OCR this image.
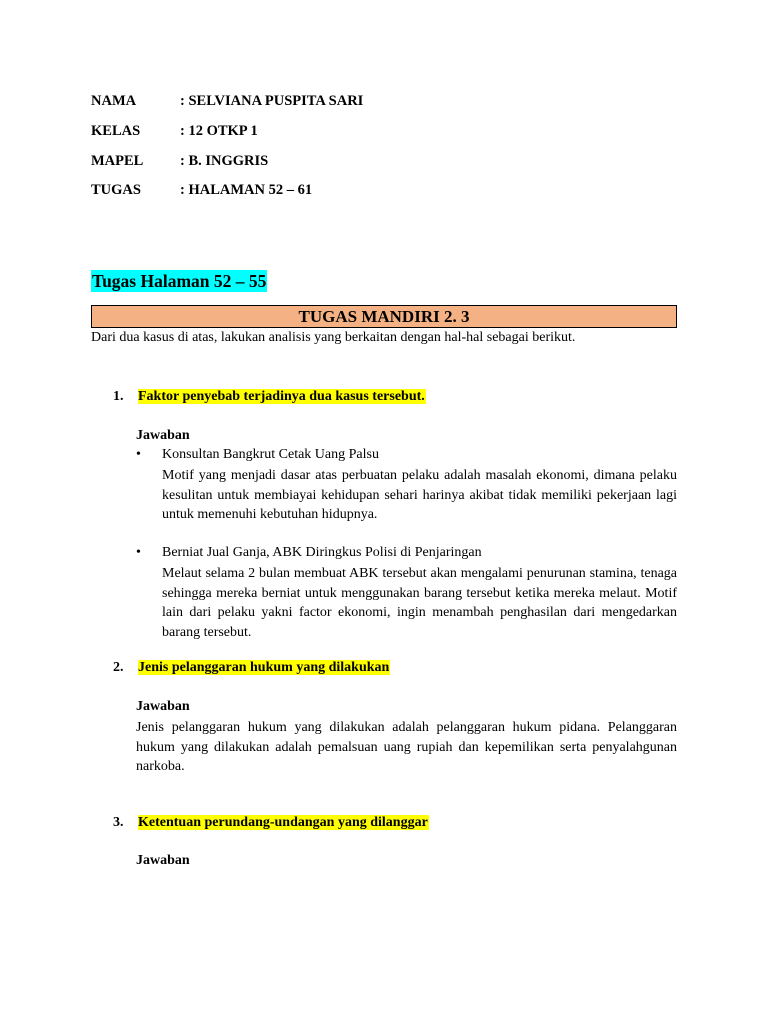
NAMA	: SELVIANA PUSPITA SARI
KELAS	: 12 OTKP 1
MAPEL	: B. INGGRIS
TUGAS	: HALAMAN 52 – 61
Tugas Halaman 52 – 55
TUGAS MANDIRI 2. 3
Dari dua kasus di atas, lakukan analisis yang berkaitan dengan hal-hal sebagai berikut.
1. Faktor penyebab terjadinya dua kasus tersebut.
Jawaban
• Konsultan Bangkrut Cetak Uang Palsu
Motif yang menjadi dasar atas perbuatan pelaku adalah masalah ekonomi, dimana pelaku kesulitan untuk membiayai kehidupan sehari harinya akibat tidak memiliki pekerjaan lagi untuk memenuhi kebutuhan hidupnya.
• Berniat Jual Ganja, ABK Diringkus Polisi di Penjaringan
Melaut selama 2 bulan membuat ABK tersebut akan mengalami penurunan stamina, tenaga sehingga mereka berniat untuk menggunakan barang tersebut ketika mereka melaut. Motif lain dari pelaku yakni factor ekonomi, ingin menambah penghasilan dari mengedarkan barang tersebut.
2. Jenis pelanggaran hukum yang dilakukan
Jawaban
Jenis pelanggaran hukum yang dilakukan adalah pelanggaran hukum pidana. Pelanggaran hukum yang dilakukan adalah pemalsuan uang rupiah dan kepemilikan serta penyalahgunan narkoba.
3. Ketentuan perundang-undangan yang dilanggar
Jawaban
